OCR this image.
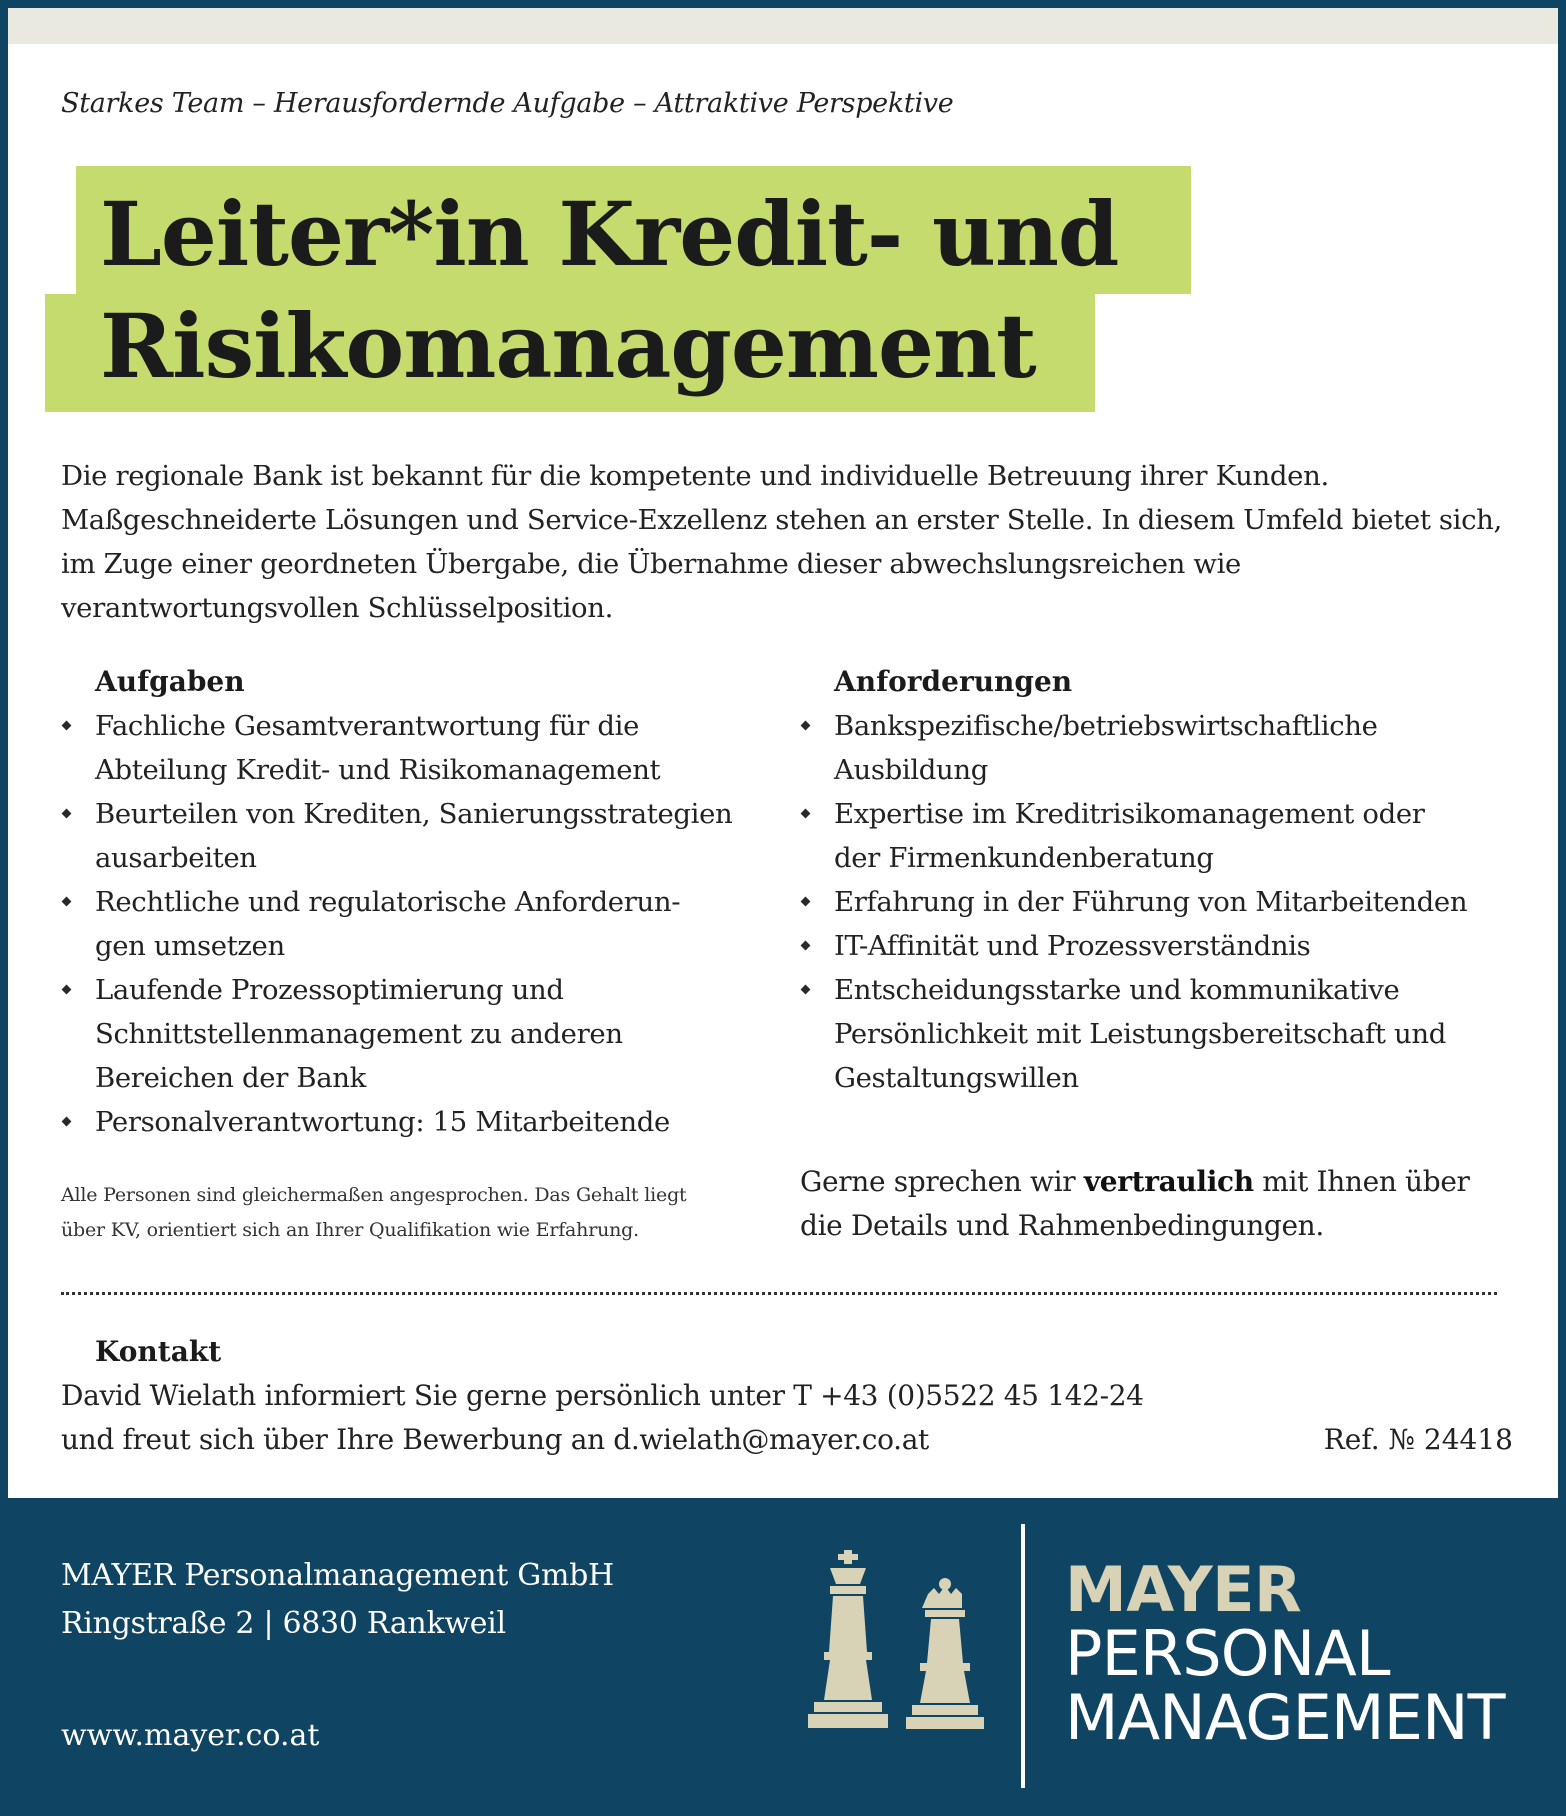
Starkes Team – Herausfordernde Aufgabe – Attraktive Perspektive
Leiter*in Kredit- und
Risikomanagement
Die regionale Bank ist bekannt für die kompetente und individuelle Betreuung ihrer Kunden. Maßgeschneiderte Lösungen und Service-Exzellenz stehen an erster Stelle. In diesem Umfeld bietet sich, im Zuge einer geordneten Übergabe, die Übernahme dieser abwechslungsreichen wie verantwortungsvollen Schlüsselposition.
Aufgaben
Fachliche Gesamtverantwortung für die
Abteilung Kredit- und Risikomanagement
Beurteilen von Krediten, Sanierungsstrategien
ausarbeiten
Rechtliche und regulatorische Anforderun-
gen umsetzen
Laufende Prozessoptimierung und
Schnittstellenmanagement zu anderen
Bereichen der Bank
Personalverantwortung: 15 Mitarbeitende
Anforderungen
Bankspezifische/betriebswirtschaftliche
Ausbildung
Expertise im Kreditrisikomanagement oder
der Firmenkundenberatung
Erfahrung in der Führung von Mitarbeitenden
IT-Affinität und Prozessverständnis
Entscheidungsstarke und kommunikative
Persönlichkeit mit Leistungsbereitschaft und
Gestaltungswillen
Alle Personen sind gleichermaßen angesprochen. Das Gehalt liegt
über KV, orientiert sich an Ihrer Qualifikation wie Erfahrung.
Gerne sprechen wir vertraulich mit Ihnen über
die Details und Rahmenbedingungen.
Kontakt
David Wielath informiert Sie gerne persönlich unter T +43 (0)5522 45 142-24
und freut sich über Ihre Bewerbung an d.wielath@mayer.co.at	Ref. № 24418
MAYER Personalmanagement GmbH
Ringstraße 2 | 6830 Rankweil
www.mayer.co.at
MAYER
PERSONAL
MANAGEMENT
